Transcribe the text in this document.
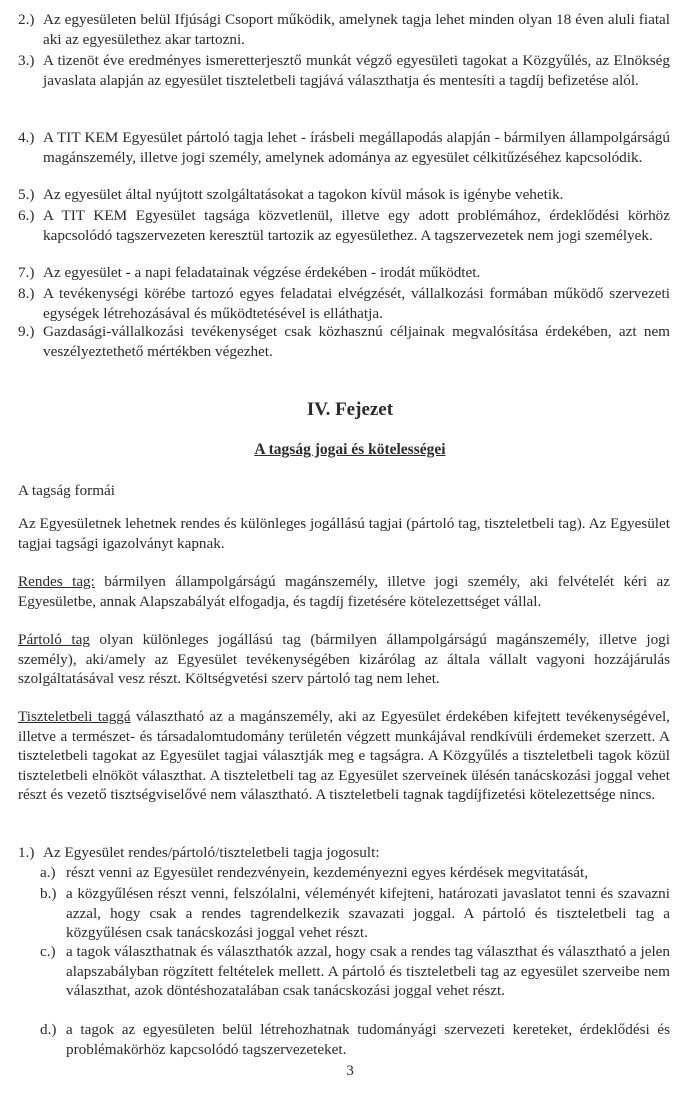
2.) Az egyesületen belül Ifjúsági Csoport működik, amelynek tagja lehet minden olyan 18 éven aluli fiatal aki az egyesülethez akar tartozni.
3.) A tizenöt éve eredményes ismeretterjesztő munkát végző egyesületi tagokat a Közgyűlés, az Elnökség javaslata alapján az egyesület tiszteletbeli tagjává választhatja és mentesíti a tagdíj befizetése alól.
4.) A TIT KEM Egyesület pártoló tagja lehet - írásbeli megállapodás alapján - bármilyen állampolgárságú magánszemély, illetve jogi személy, amelynek adománya az egyesület célkitűzéséhez kapcsolódik.
5.) Az egyesület által nyújtott szolgáltatásokat a tagokon kívül mások is igénybe vehetik.
6.) A TIT KEM Egyesület tagsága közvetlenül, illetve egy adott problémához, érdeklődési körhöz kapcsolódó tagszervezeten keresztül tartozik az egyesülethez. A tagszervezetek nem jogi személyek.
7.) Az egyesület - a napi feladatainak végzése érdekében - irodát működtet.
8.) A tevékenységi körébe tartozó egyes feladatai elvégzését, vállalkozási formában működő szervezeti egységek létrehozásával és működtetésével is elláthatja.
9.) Gazdasági-vállalkozási tevékenységet csak közhasznú céljainak megvalósítása érdekében, azt nem veszélyeztethető mértékben végezhet.
IV. Fejezet
A tagság jogai és kötelességei
A tagság formái
Az Egyesületnek lehetnek rendes és különleges jogállású tagjai (pártoló tag, tiszteletbeli tag). Az Egyesület tagjai tagsági igazolványt kapnak.
Rendes tag: bármilyen állampolgárságú magánszemély, illetve jogi személy, aki felvételét kéri az Egyesületbe, annak Alapszabályát elfogadja, és tagdíj fizetésére kötelezettséget vállal.
Pártoló tag olyan különleges jogállású tag (bármilyen állampolgárságú magánszemély, illetve jogi személy), aki/amely az Egyesület tevékenységében kizárólag az általa vállalt vagyoni hozzájárulás szolgáltatásával vesz részt. Költségvetési szerv pártoló tag nem lehet.
Tiszteletbeli taggá választható az a magánszemély, aki az Egyesület érdekében kifejtett tevékenységével, illetve a természet- és társadalomtudomány területén végzett munkájával rendkívüli érdemeket szerzett. A tiszteletbeli tagokat az Egyesület tagjai választják meg e tagságra. A Közgyűlés a tiszteletbeli tagok közül tiszteletbeli elnököt választhat. A tiszteletbeli tag az Egyesület szerveinek ülésén tanácskozási joggal vehet részt és vezető tisztségviselővé nem választható. A tiszteletbeli tagnak tagdíjfizetési kötelezettsége nincs.
1.) Az Egyesület rendes/pártoló/tiszteletbeli tagja jogosult:
a.) részt venni az Egyesület rendezvényein, kezdeményezni egyes kérdések megvitatását,
b.) a közgyűlésen részt venni, felszólalni, véleményét kifejteni, határozati javaslatot tenni és szavazni azzal, hogy csak a rendes tagrendelkezik szavazati joggal. A pártoló és tiszteletbeli tag a közgyűlésen csak tanácskozási joggal vehet részt.
c.) a tagok választhatnak és választhatók azzal, hogy csak a rendes tag választhat és választható a jelen alapszabályban rögzített feltételek mellett. A pártoló és tiszteletbeli tag az egyesület szerveibe nem választhat, azok döntéshozatalában csak tanácskozási joggal vehet részt.
d.) a tagok az egyesületen belül létrehozhatnak tudományági szervezeti kereteket, érdeklődési és problémakörhöz kapcsolódó tagszervezeteket.
3
